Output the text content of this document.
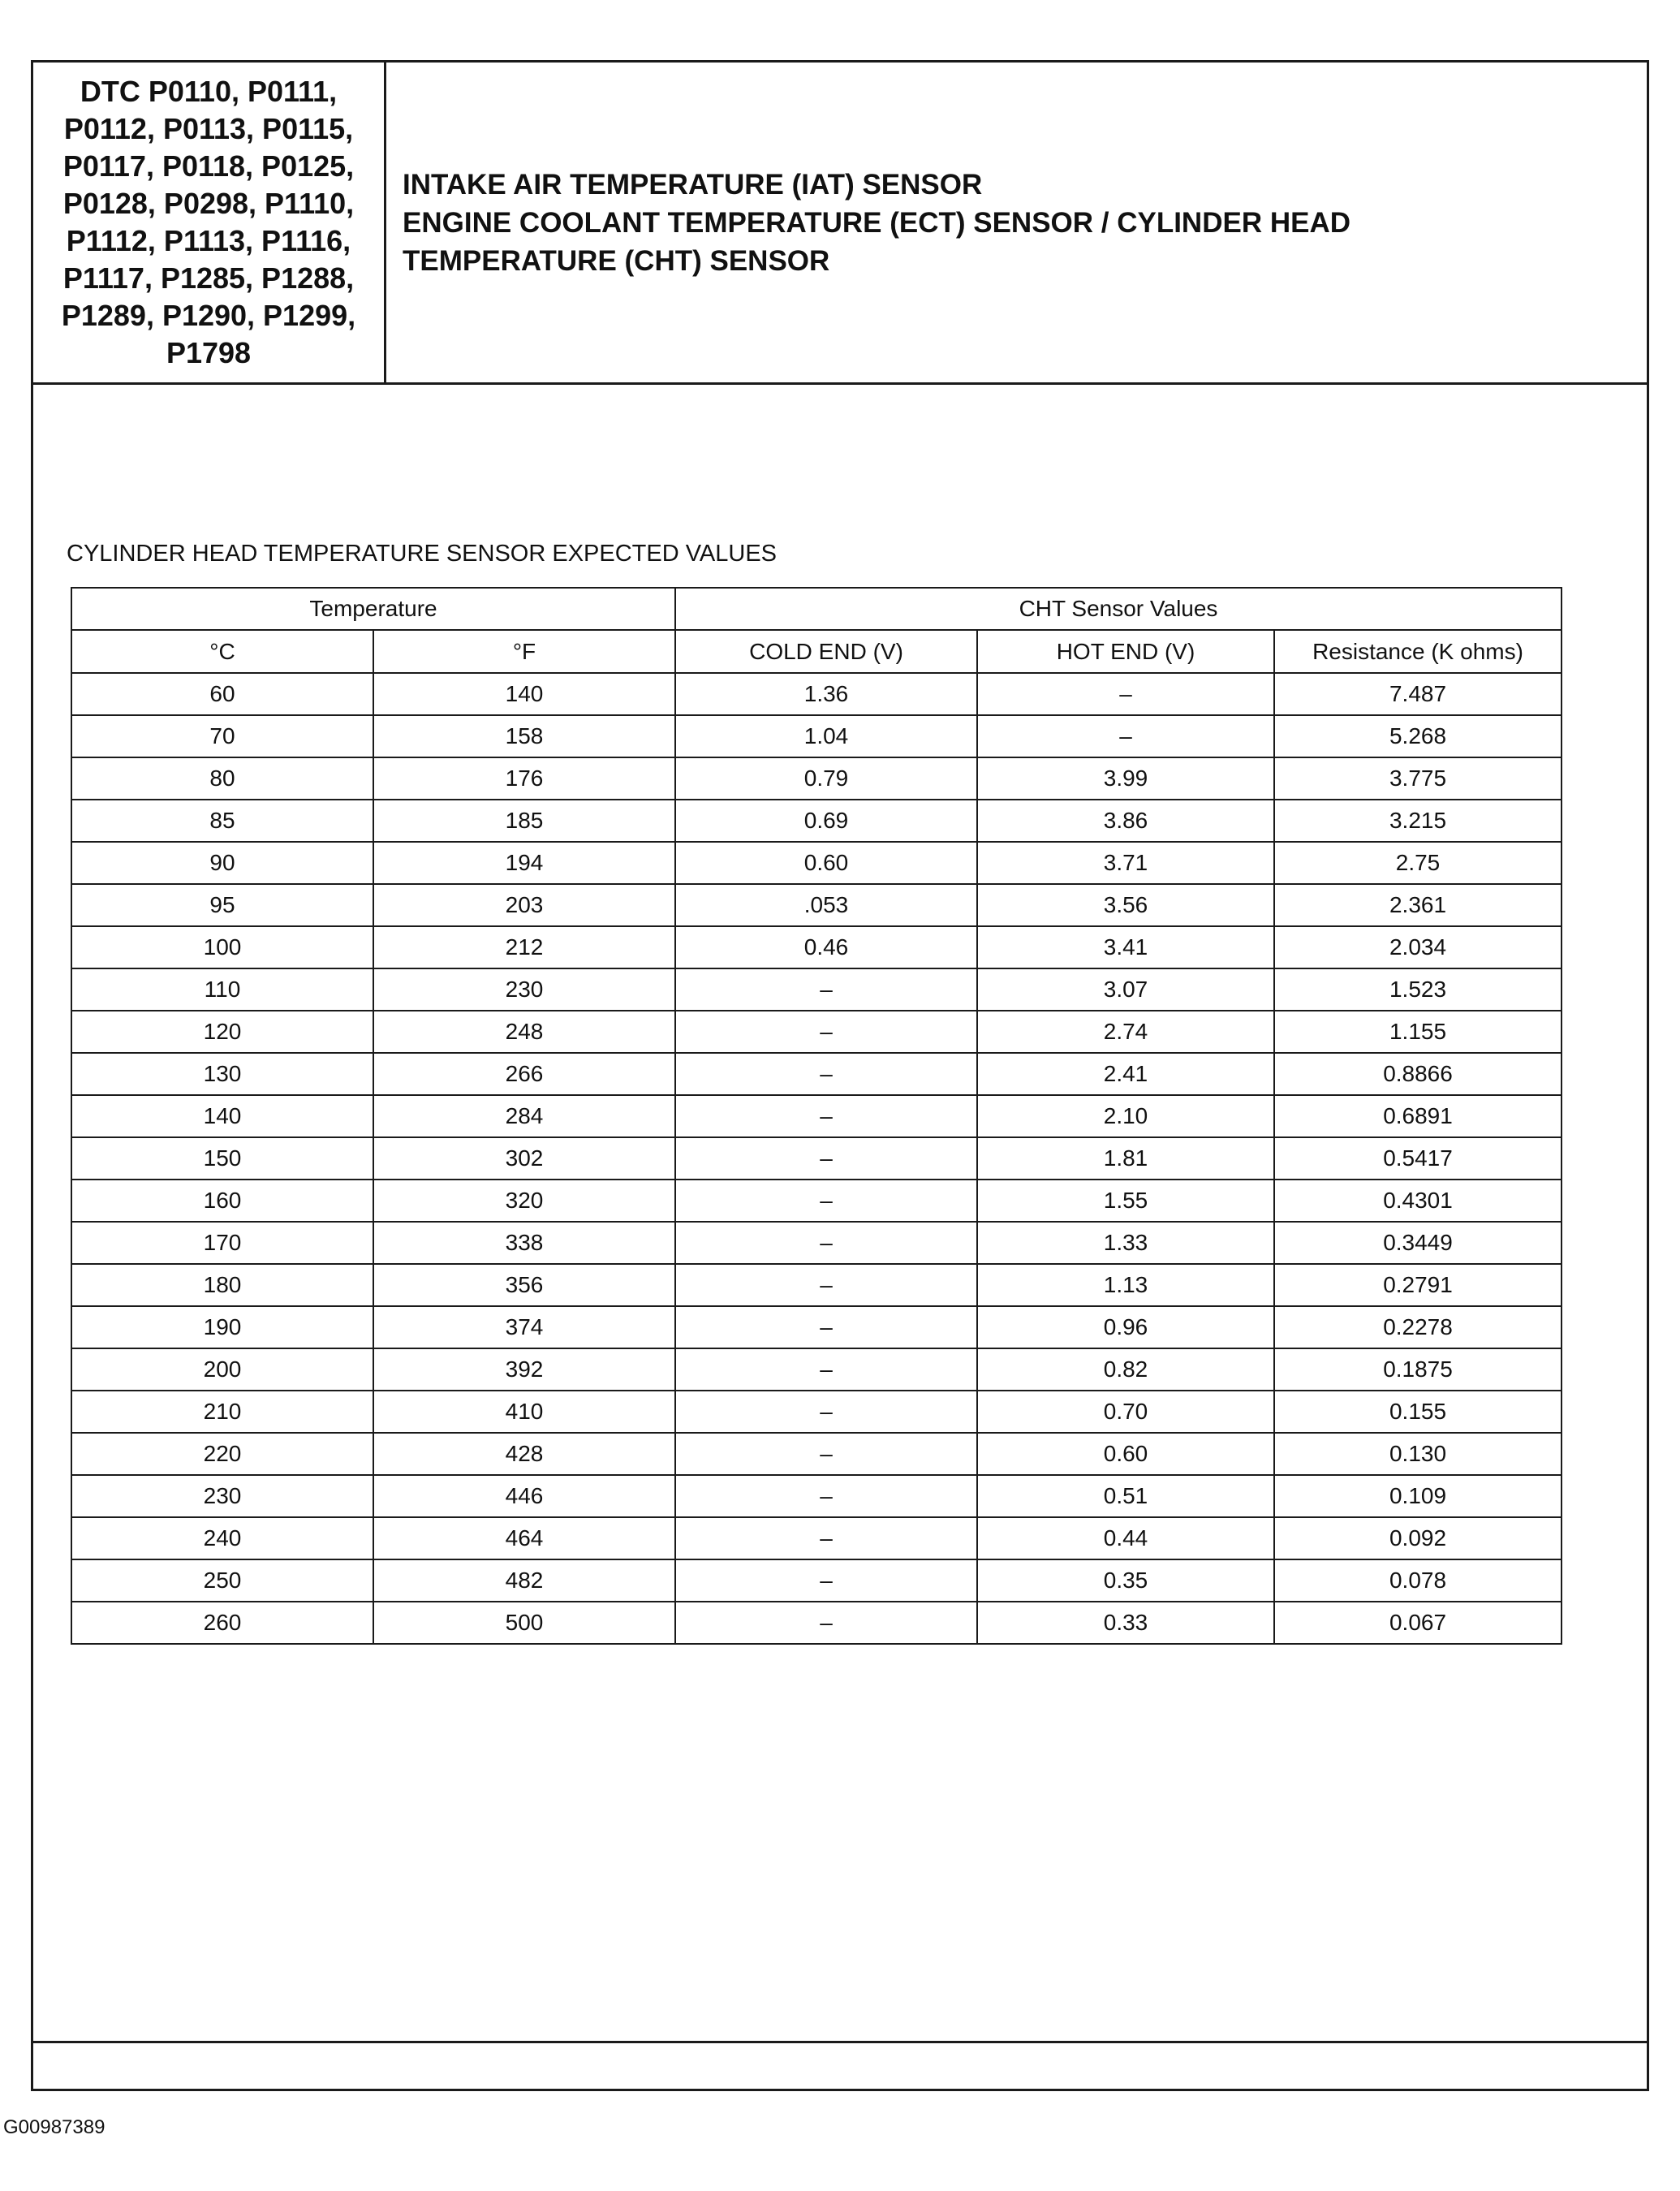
DTC P0110, P0111,
P0112, P0113, P0115,
P0117, P0118, P0125,
P0128, P0298, P1110,
P1112, P1113, P1116,
P1117, P1285, P1288,
P1289, P1290, P1299,
P1798
INTAKE AIR TEMPERATURE (IAT) SENSOR
ENGINE COOLANT TEMPERATURE (ECT) SENSOR / CYLINDER HEAD
TEMPERATURE (CHT) SENSOR
CYLINDER HEAD TEMPERATURE SENSOR EXPECTED VALUES
Temperature		CHT Sensor Values		
°C	°F	COLD END (V)	HOT END (V)	Resistance (K ohms)
60	140	1.36	–	7.487
70	158	1.04	–	5.268
80	176	0.79	3.99	3.775
85	185	0.69	3.86	3.215
90	194	0.60	3.71	2.75
95	203	.053	3.56	2.361
100	212	0.46	3.41	2.034
110	230	–	3.07	1.523
120	248	–	2.74	1.155
130	266	–	2.41	0.8866
140	284	–	2.10	0.6891
150	302	–	1.81	0.5417
160	320	–	1.55	0.4301
170	338	–	1.33	0.3449
180	356	–	1.13	0.2791
190	374	–	0.96	0.2278
200	392	–	0.82	0.1875
210	410	–	0.70	0.155
220	428	–	0.60	0.130
230	446	–	0.51	0.109
240	464	–	0.44	0.092
250	482	–	0.35	0.078
260	500	–	0.33	0.067
G00987389
